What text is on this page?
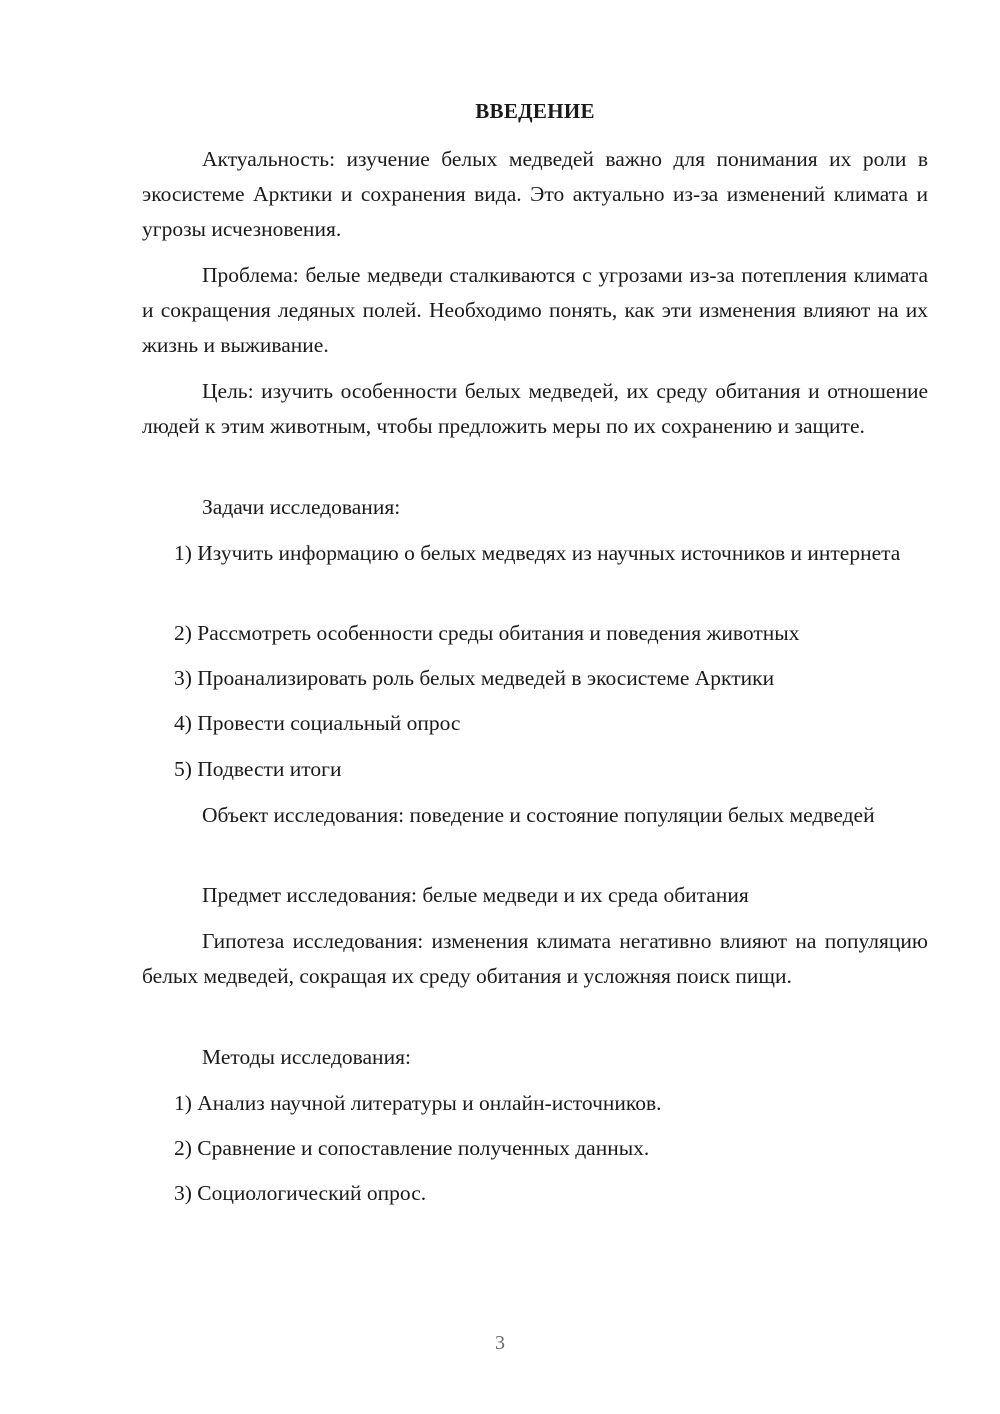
ВВЕДЕНИЕ

Актуальность: изучение белых медведей важно для понимания их роли в экосистеме Арктики и сохранения вида. Это актуально из-за изменений климата и угрозы исчезновения.

Проблема: белые медведи сталкиваются с угрозами из-за потепления климата и сокращения ледяных полей. Необходимо понять, как эти изменения влияют на их жизнь и выживание.

Цель: изучить особенности белых медведей, их среду обитания и отношение людей к этим животным, чтобы предложить меры по их сохранению и защите.

Задачи исследования:

1) Изучить информацию о белых медведях из научных источников и интернета

2) Рассмотреть особенности среды обитания и поведения животных

3) Проанализировать роль белых медведей в экосистеме Арктики

4) Провести социальный опрос

5) Подвести итоги

Объект исследования: поведение и состояние популяции белых медведей

Предмет исследования: белые медведи и их среда обитания

Гипотеза исследования: изменения климата негативно влияют на популяцию белых медведей, сокращая их среду обитания и усложняя поиск пищи.

Методы исследования:

1) Анализ научной литературы и онлайн-источников.

2) Сравнение и сопоставление полученных данных.

3) Социологический опрос.

3
